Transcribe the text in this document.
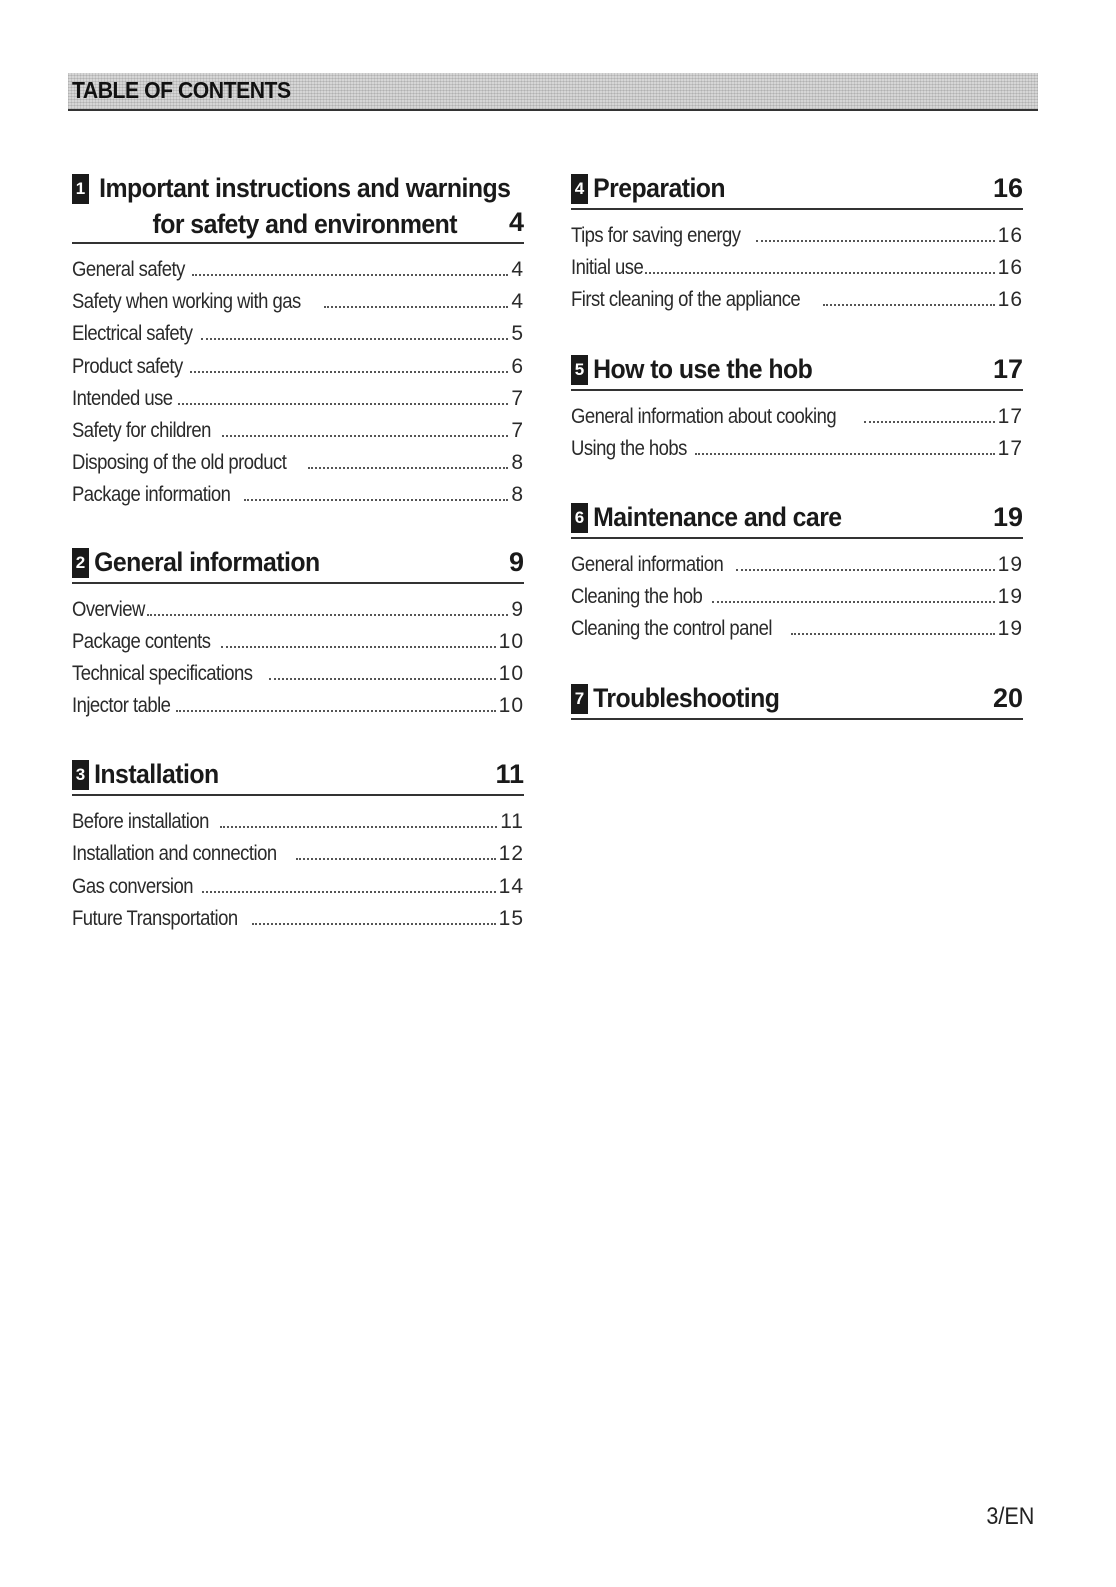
TABLE OF CONTENTS
1 Important instructions and warnings for safety and environment	4
General safety	4
Safety when working with gas	4
Electrical safety	5
Product safety	6
Intended use	7
Safety for children	7
Disposing of the old product	8
Package information	8
2 General information	9
Overview	9
Package contents	10
Technical specifications	10
Injector table	10
3 Installation	11
Before installation	11
Installation and connection	12
Gas conversion	14
Future Transportation	15
4 Preparation	16
Tips for saving energy	16
Initial use	16
First cleaning of the appliance	16
5 How to use the hob	17
General information about cooking	17
Using the hobs	17
6 Maintenance and care	19
General information	19
Cleaning the hob	19
Cleaning the control panel	19
7 Troubleshooting	20
3/EN
